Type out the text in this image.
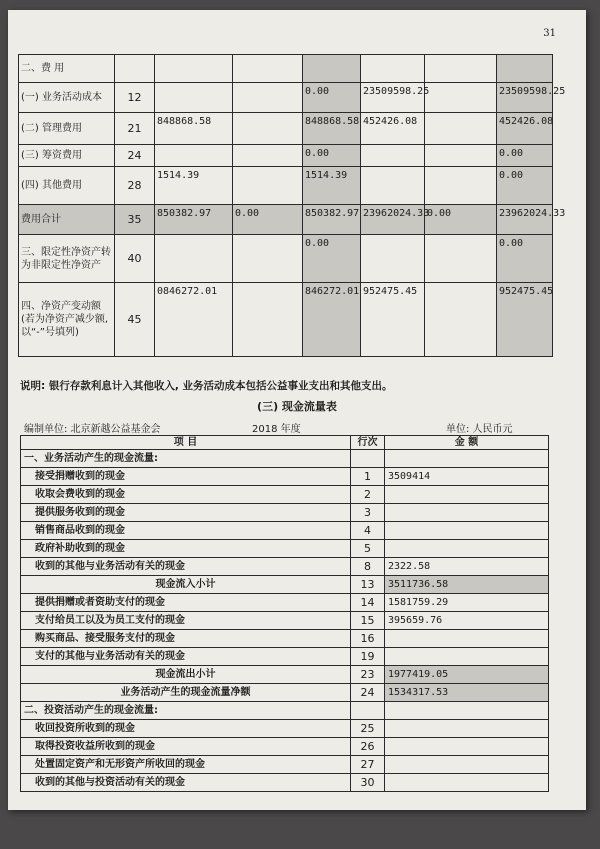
31
二、费 用							
(一) 业务活动成本	12			0.00	23509598.25		23509598.25
(二) 管理费用	21	848868.58		848868.58	452426.08		452426.08
(三) 筹资费用	24			0.00			0.00
(四) 其他费用	28	1514.39		1514.39			0.00
费用合计	35	850382.97	0.00	850382.97	23962024.33	0.00	23962024.33
三、限定性净资产转为非限定性净资产	40			0.00			0.00
四、净资产变动额(若为净资产减少额,以“-”号填列)	45	0846272.01		846272.01	952475.45		952475.45
说明: 银行存款利息计入其他收入, 业务活动成本包括公益事业支出和其他支出。
(三) 现金流量表
编制单位: 北京新越公益基金会	2018 年度	单位: 人民币元
项 目	行次	金 额
一、业务活动产生的现金流量:		
接受捐赠收到的现金	1	3509414
收取会费收到的现金	2	
提供服务收到的现金	3	
销售商品收到的现金	4	
政府补助收到的现金	5	
收到的其他与业务活动有关的现金	8	2322.58
现金流入小计	13	3511736.58
提供捐赠或者资助支付的现金	14	1581759.29
支付给员工以及为员工支付的现金	15	395659.76
购买商品、接受服务支付的现金	16	
支付的其他与业务活动有关的现金	19	
现金流出小计	23	1977419.05
业务活动产生的现金流量净额	24	1534317.53
二、投资活动产生的现金流量:		
收回投资所收到的现金	25	
取得投资收益所收到的现金	26	
处置固定资产和无形资产所收回的现金	27	
收到的其他与投资活动有关的现金	30	
